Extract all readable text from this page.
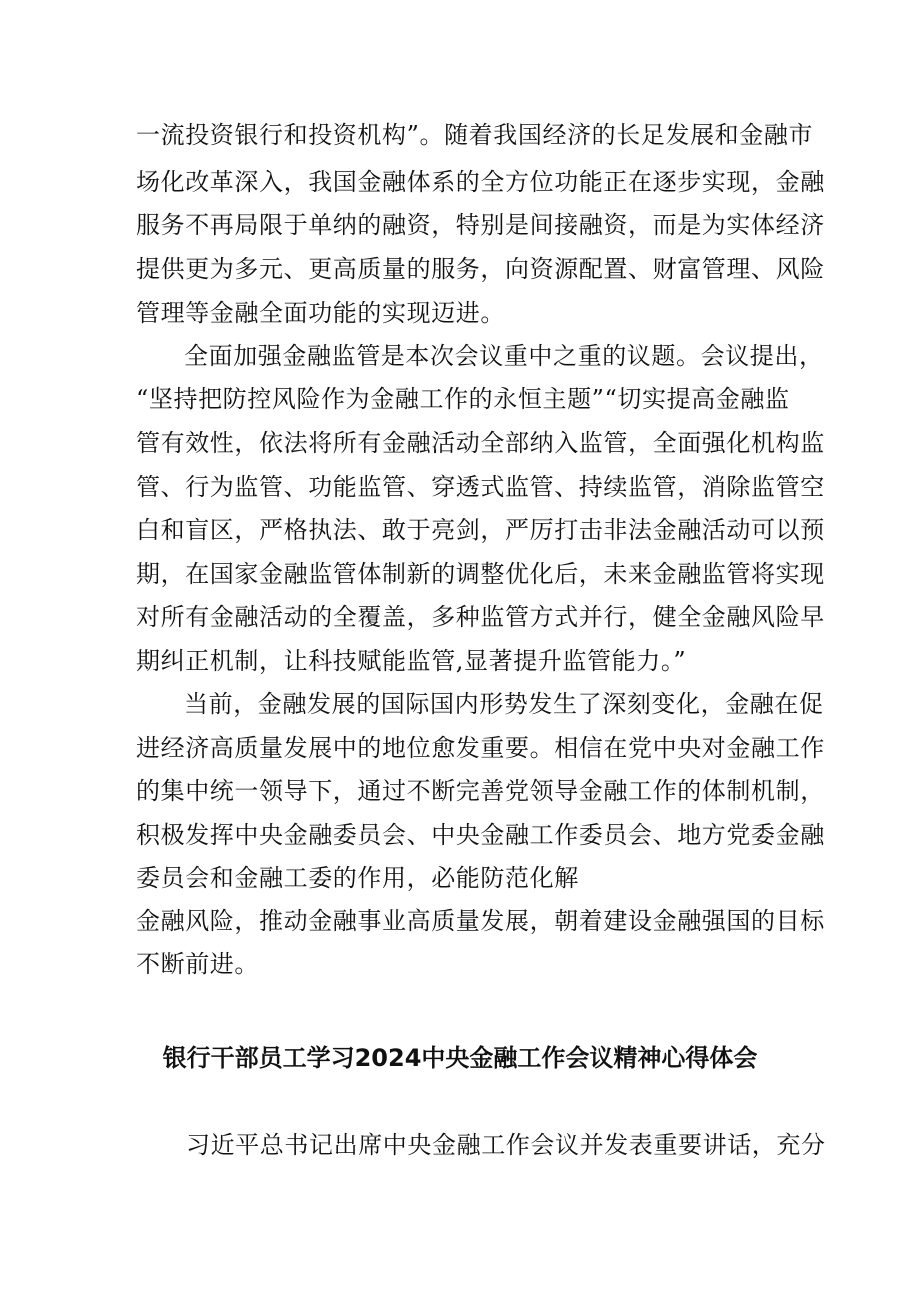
一流投资银行和投资机构”。随着我国经济的长足发展和金融市
场化改革深入，我国金融体系的全方位功能正在逐步实现，金融
服务不再局限于单纳的融资，特别是间接融资，而是为实体经济
提供更为多元、更高质量的服务，向资源配置、财富管理、风险
管理等金融全面功能的实现迈进。
全面加强金融监管是本次会议重中之重的议题。会议提出，
“坚持把防控风险作为金融工作的永恒主题”“切实提高金融监
管有效性，依法将所有金融活动全部纳入监管，全面强化机构监
管、行为监管、功能监管、穿透式监管、持续监管，消除监管空
白和盲区，严格执法、敢于亮剑，严厉打击非法金融活动可以预
期，在国家金融监管体制新的调整优化后，未来金融监管将实现
对所有金融活动的全覆盖，多种监管方式并行，健全金融风险早
期纠正机制，让科技赋能监管,显著提升监管能力。”
当前，金融发展的国际国内形势发生了深刻变化，金融在促
进经济高质量发展中的地位愈发重要。相信在党中央对金融工作
的集中统一领导下，通过不断完善党领导金融工作的体制机制，
积极发挥中央金融委员会、中央金融工作委员会、地方党委金融
委员会和金融工委的作用，必能防范化解
金融风险，推动金融事业高质量发展，朝着建设金融强国的目标
不断前进。
银行干部员工学习2024中央金融工作会议精神心得体会
习近平总书记出席中央金融工作会议并发表重要讲话，充分
